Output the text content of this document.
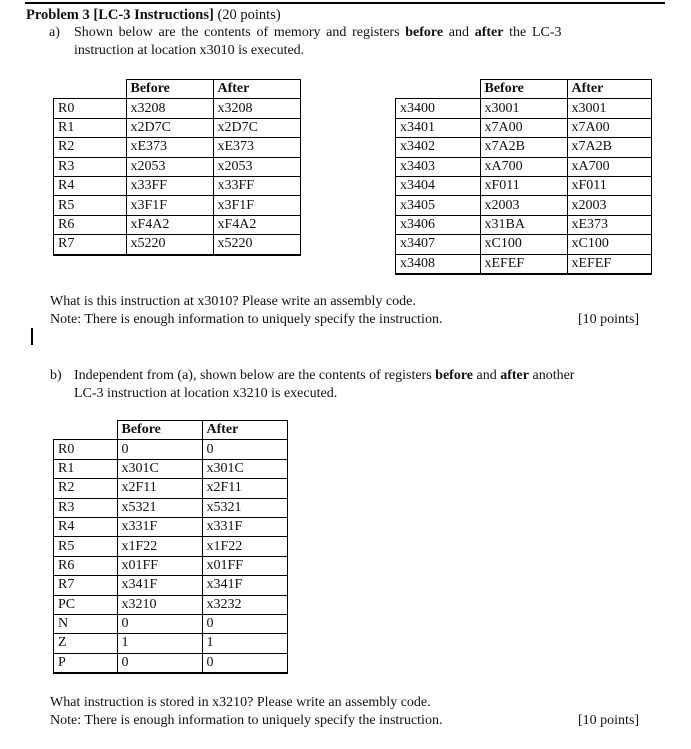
Problem 3 [LC-3 Instructions] (20 points)
a) Shown below are the contents of memory and registers before and after the LC-3
instruction at location x3010 is executed.
	Before	After
R0	x3208	x3208
R1	x2D7C	x2D7C
R2	xE373	xE373
R3	x2053	x2053
R4	x33FF	x33FF
R5	x3F1F	x3F1F
R6	xF4A2	xF4A2
R7	x5220	x5220
	Before	After
x3400	x3001	x3001
x3401	x7A00	x7A00
x3402	x7A2B	x7A2B
x3403	xA700	xA700
x3404	xF011	xF011
x3405	x2003	x2003
x3406	x31BA	xE373
x3407	xC100	xC100
x3408	xEFEF	xEFEF
What is this instruction at x3010? Please write an assembly code.
Note: There is enough information to uniquely specify the instruction.	[10 points]
b) Independent from (a), shown below are the contents of registers before and after another
LC-3 instruction at location x3210 is executed.
	Before	After
R0	0	0
R1	x301C	x301C
R2	x2F11	x2F11
R3	x5321	x5321
R4	x331F	x331F
R5	x1F22	x1F22
R6	x01FF	x01FF
R7	x341F	x341F
PC	x3210	x3232
N	0	0
Z	1	1
P	0	0
What instruction is stored in x3210? Please write an assembly code.
Note: There is enough information to uniquely specify the instruction.	[10 points]
